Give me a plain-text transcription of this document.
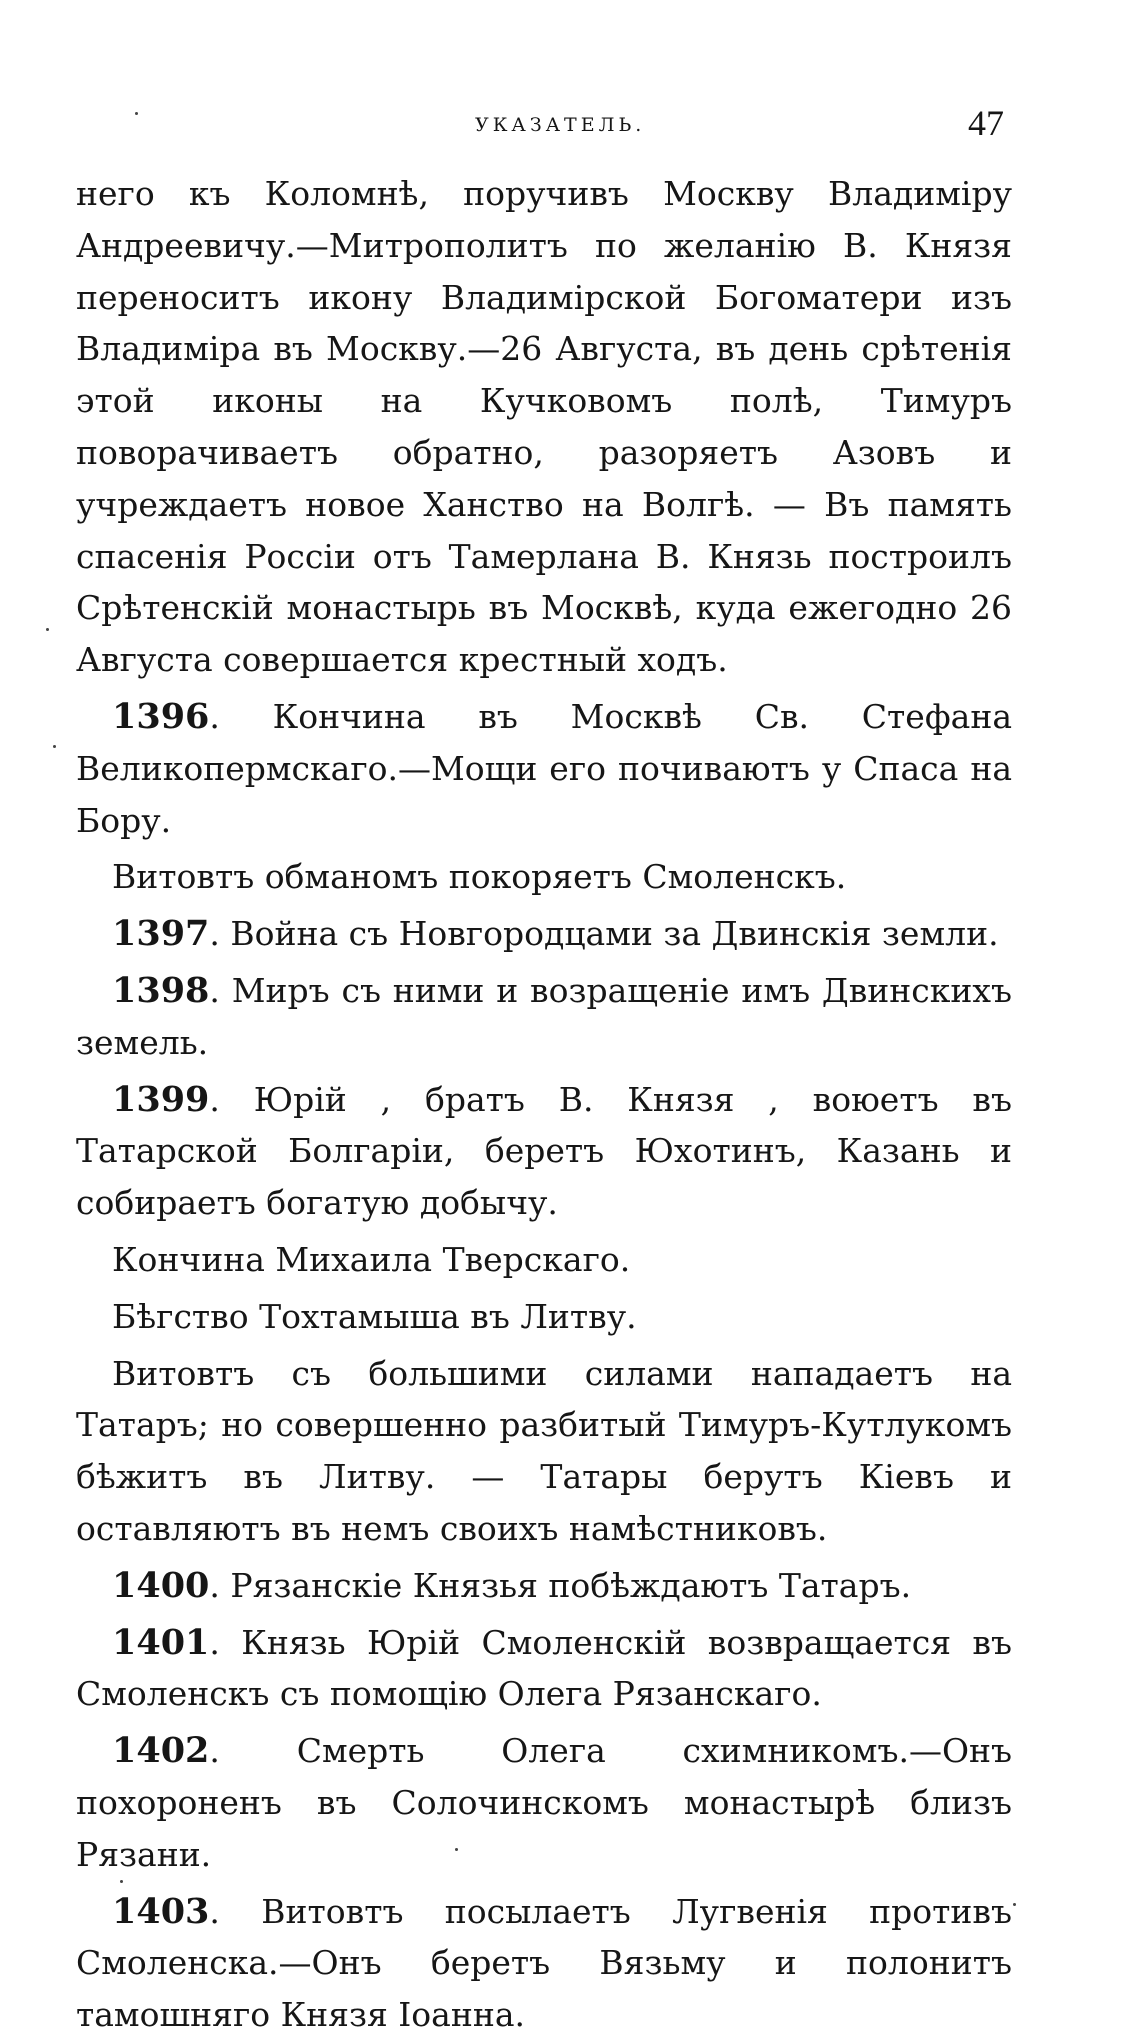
УКАЗАТЕЛЬ.	47

него къ Коломнѣ, поручивъ Москву Владиміру Андреевичу.—Митрополитъ по желанію В. Князя переноситъ икону Владимірской Богоматери изъ Владиміра въ Москву.—26 Августа, въ день срѣтенія этой иконы на Кучковомъ полѣ, Тимуръ поворачиваетъ обратно, разоряетъ Азовъ и учреждаетъ новое Ханство на Волгѣ. — Въ память спасенія Россіи отъ Тамерлана В. Князь построилъ Срѣтенскій монастырь въ Москвѣ, куда ежегодно 26 Августа совершается крестный ходъ.

1396. Кончина въ Москвѣ Св. Стефана Великопермскаго.—Мощи его почиваютъ у Спаса на Бору.

Витовтъ обманомъ покоряетъ Смоленскъ.

1397. Война съ Новгородцами за Двинскія земли.

1398. Миръ съ ними и возращеніе имъ Двинскихъ земель.

1399. Юрій , братъ В. Князя , воюетъ въ Татарской Болгаріи, беретъ Юхотинъ, Казань и собираетъ богатую добычу.

Кончина Михаила Тверскаго.

Бѣгство Тохтамыша въ Литву.

Витовтъ съ большими силами нападаетъ на Татаръ; но совершенно разбитый Тимуръ-Кутлукомъ бѣжитъ въ Литву. — Татары берутъ Кіевъ и оставляютъ въ немъ своихъ намѣстниковъ.

1400. Рязанскіе Князья побѣждаютъ Татаръ.

1401. Князь Юрій Смоленскій возвращается въ Смоленскъ съ помощію Олега Рязанскаго.

1402. Смерть Олега схимникомъ.—Онъ похороненъ въ Солочинскомъ монастырѣ близъ Рязани.

1403. Витовтъ посылаетъ Лугвенія противъ Смоленска.—Онъ беретъ Вязьму и полонитъ тамошняго Князя Іоанна.
